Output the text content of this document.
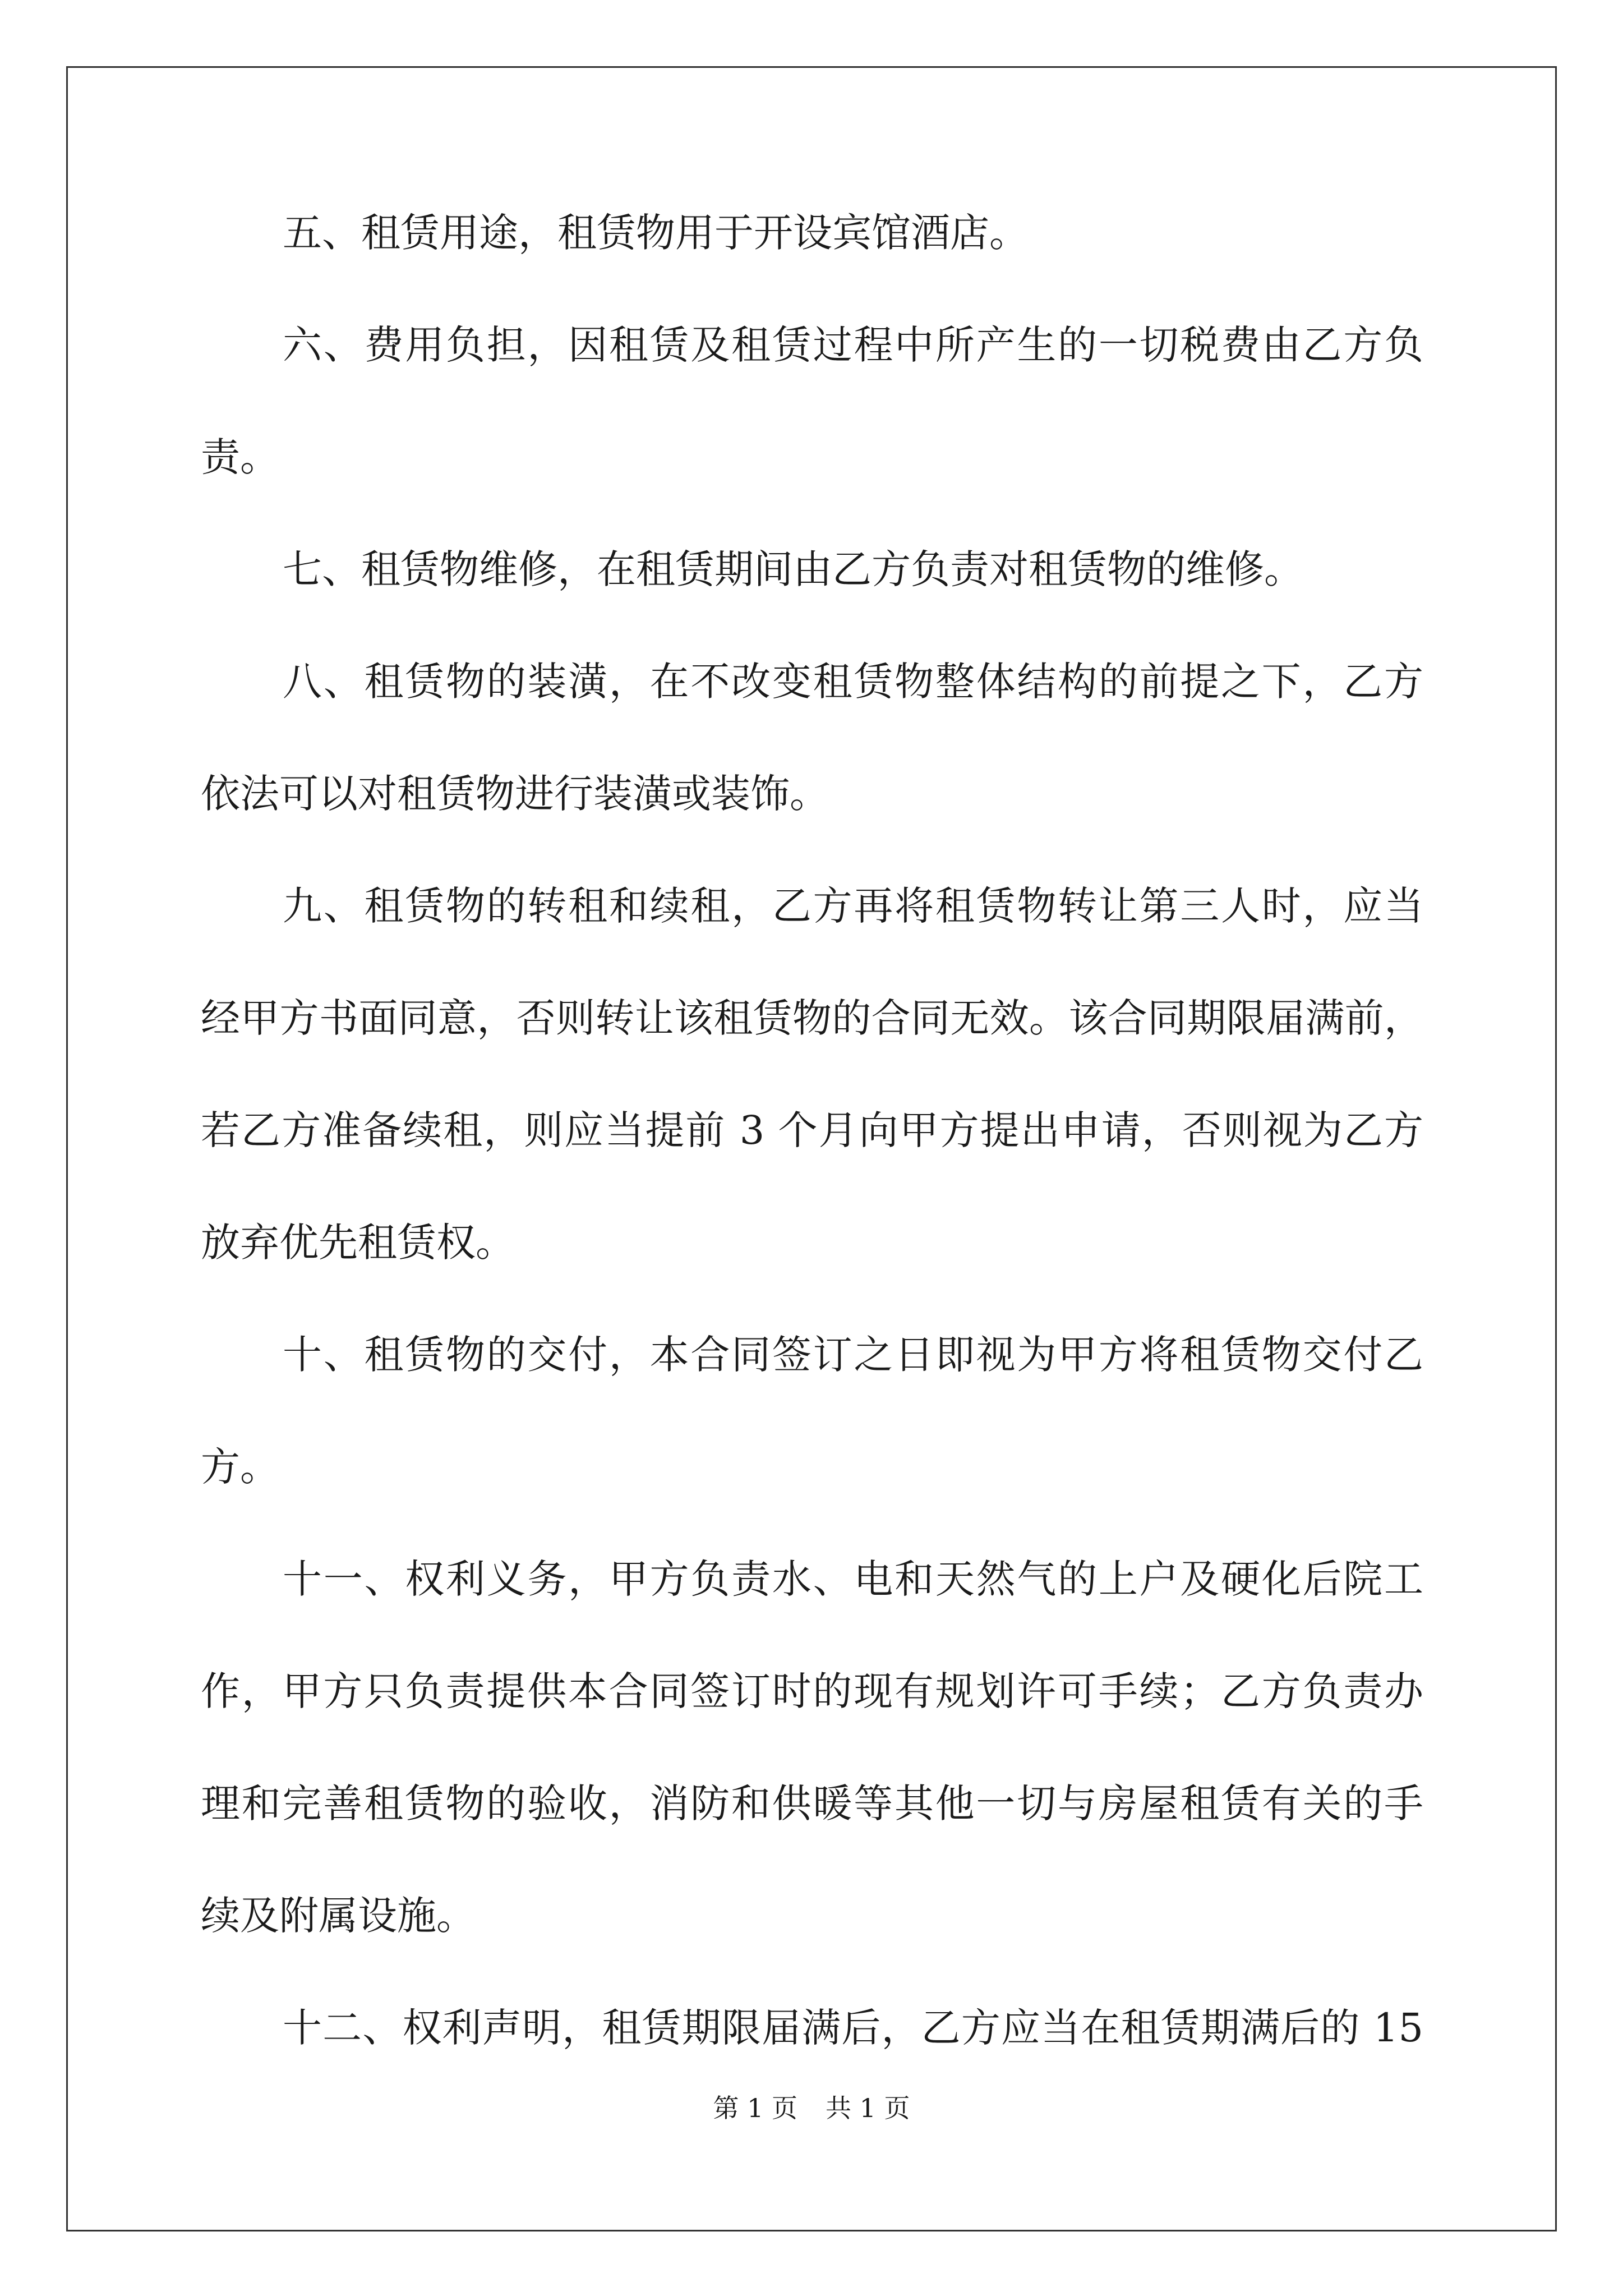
五、租赁用途，租赁物用于开设宾馆酒店。
六、费用负担，因租赁及租赁过程中所产生的一切税费由乙方负
责。
七、租赁物维修，在租赁期间由乙方负责对租赁物的维修。
八、租赁物的装潢，在不改变租赁物整体结构的前提之下，乙方
依法可以对租赁物进行装潢或装饰。
九、租赁物的转租和续租，乙方再将租赁物转让第三人时，应当
经甲方书面同意，否则转让该租赁物的合同无效。该合同期限届满前，
若乙方准备续租，则应当提前 3 个月向甲方提出申请，否则视为乙方
放弃优先租赁权。
十、租赁物的交付，本合同签订之日即视为甲方将租赁物交付乙
方。
十一、权利义务，甲方负责水、电和天然气的上户及硬化后院工
作，甲方只负责提供本合同签订时的现有规划许可手续；乙方负责办
理和完善租赁物的验收，消防和供暖等其他一切与房屋租赁有关的手
续及附属设施。
十二、权利声明，租赁期限届满后，乙方应当在租赁期满后的 15
第 1 页 共 1 页
